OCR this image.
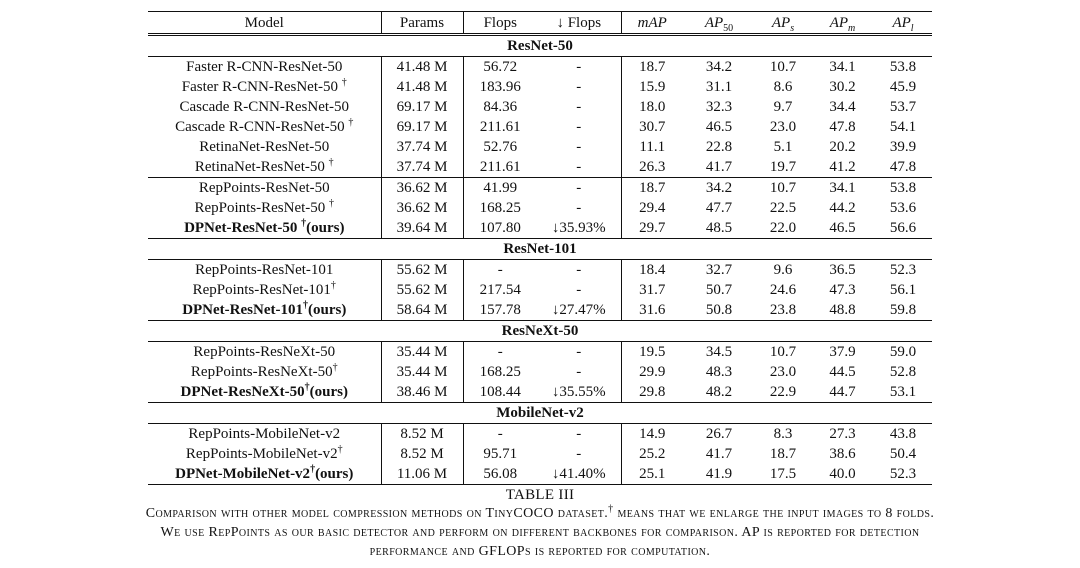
Model	Params	Flops	↓ Flops	mAP	$AP_{50}$	$AP_s$	$AP_m$	$AP_l$
ResNet-50								
Faster R-CNN-ResNet-50	41.48 M	56.72	-	18.7	34.2	10.7	34.1	53.8
Faster R-CNN-ResNet-50 †	41.48 M	183.96	-	15.9	31.1	8.6	30.2	45.9
Cascade R-CNN-ResNet-50	69.17 M	84.36	-	18.0	32.3	9.7	34.4	53.7
Cascade R-CNN-ResNet-50 †	69.17 M	211.61	-	30.7	46.5	23.0	47.8	54.1
RetinaNet-ResNet-50	37.74 M	52.76	-	11.1	22.8	5.1	20.2	39.9
RetinaNet-ResNet-50 †	37.74 M	211.61	-	26.3	41.7	19.7	41.2	47.8
RepPoints-ResNet-50	36.62 M	41.99	-	18.7	34.2	10.7	34.1	53.8
RepPoints-ResNet-50 †	36.62 M	168.25	-	29.4	47.7	22.5	44.2	53.6
DPNet-ResNet-50 †(ours)	39.64 M	107.80	↓35.93%	29.7	48.5	22.0	46.5	56.6
ResNet-101								
RepPoints-ResNet-101	55.62 M	-	-	18.4	32.7	9.6	36.5	52.3
RepPoints-ResNet-101†	55.62 M	217.54	-	31.7	50.7	24.6	47.3	56.1
DPNet-ResNet-101†(ours)	58.64 M	157.78	↓27.47%	31.6	50.8	23.8	48.8	59.8
ResNeXt-50								
RepPoints-ResNeXt-50	35.44 M	-	-	19.5	34.5	10.7	37.9	59.0
RepPoints-ResNeXt-50†	35.44 M	168.25	-	29.9	48.3	23.0	44.5	52.8
DPNet-ResNeXt-50†(ours)	38.46 M	108.44	↓35.55%	29.8	48.2	22.9	44.7	53.1
MobileNet-v2								
RepPoints-MobileNet-v2	8.52 M	-	-	14.9	26.7	8.3	27.3	43.8
RepPoints-MobileNet-v2†	8.52 M	95.71	-	25.2	41.7	18.7	38.6	50.4
DPNet-MobileNet-v2†(ours)	11.06 M	56.08	↓41.40%	25.1	41.9	17.5	40.0	52.3
TABLE III
Comparison with other model compression methods on TinyCOCO dataset.† means that we enlarge the input images to 8 folds.
We use RepPoints as our basic detector and perform on different backbones for comparison. AP is reported for detection
performance and GFLOPs is reported for computation.
